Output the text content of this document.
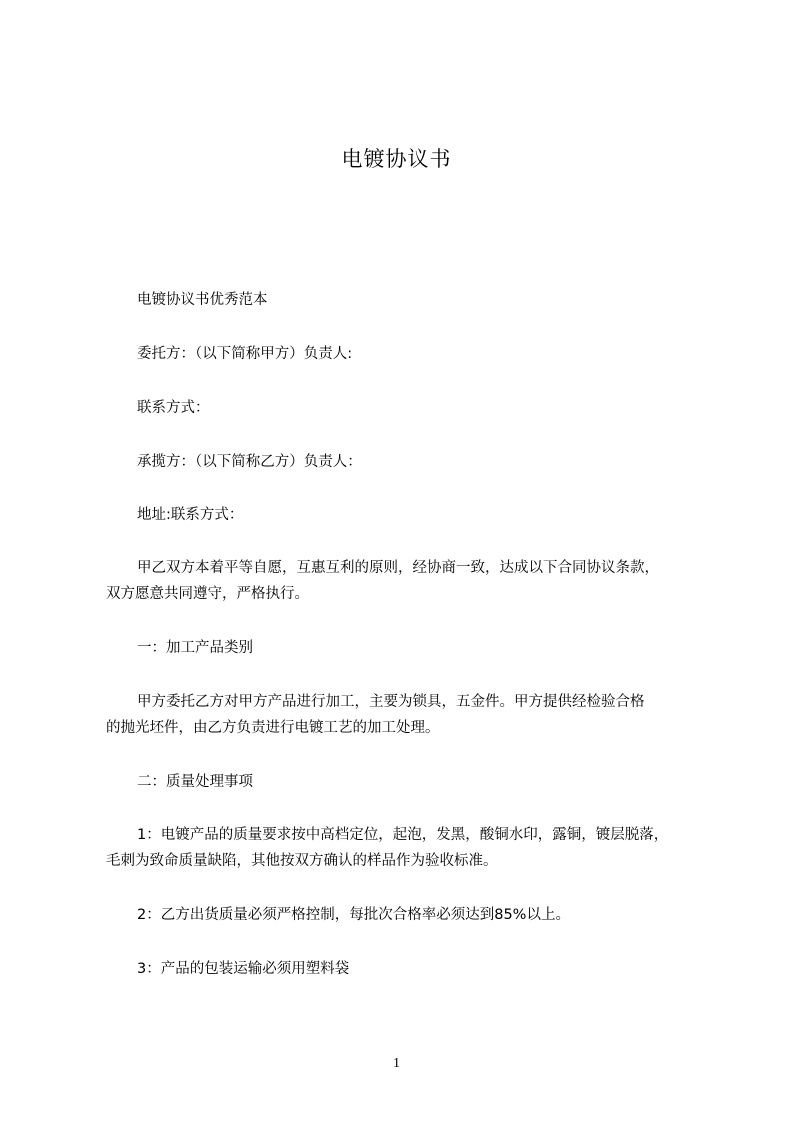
电镀协议书
电镀协议书优秀范本
委托方：（以下简称甲方）负责人:
联系方式：
承揽方：（以下简称乙方）负责人：
地址:联系方式：
甲乙双方本着平等自愿，互惠互利的原则，经协商一致，达成以下合同协议条款，
双方愿意共同遵守，严格执行。
一：加工产品类别
甲方委托乙方对甲方产品进行加工，主要为锁具，五金件。甲方提供经检验合格
的抛光坯件，由乙方负责进行电镀工艺的加工处理。
二：质量处理事项
1：电镀产品的质量要求按中高档定位，起泡，发黑，酸铜水印，露铜，镀层脱落，
毛刺为致命质量缺陷，其他按双方确认的样品作为验收标准。
2：乙方出货质量必须严格控制，每批次合格率必须达到85%以上。
3：产品的包装运输必须用塑料袋
1
